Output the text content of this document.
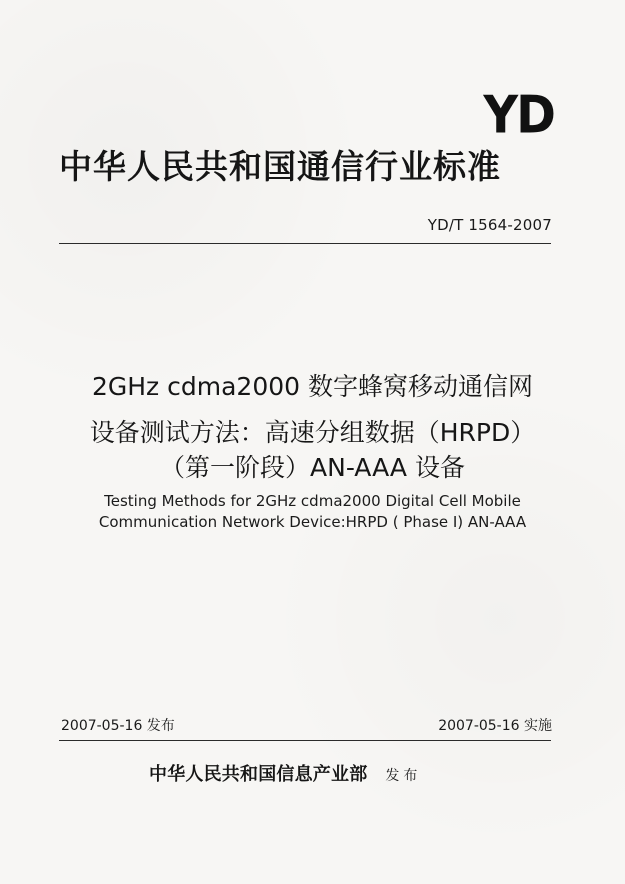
YD
中华人民共和国通信行业标准
YD/T 1564-2007
2GHz cdma2000 数字蜂窝移动通信网
设备测试方法：高速分组数据（HRPD）
（第一阶段）AN-AAA 设备

Testing Methods for 2GHz cdma2000 Digital Cell Mobile

Communication Network Device:HRPD ( Phase Ⅰ) AN-AAA

2007-05-16 发布	2007-05-16 实施
中华人民共和国信息产业部 发布
